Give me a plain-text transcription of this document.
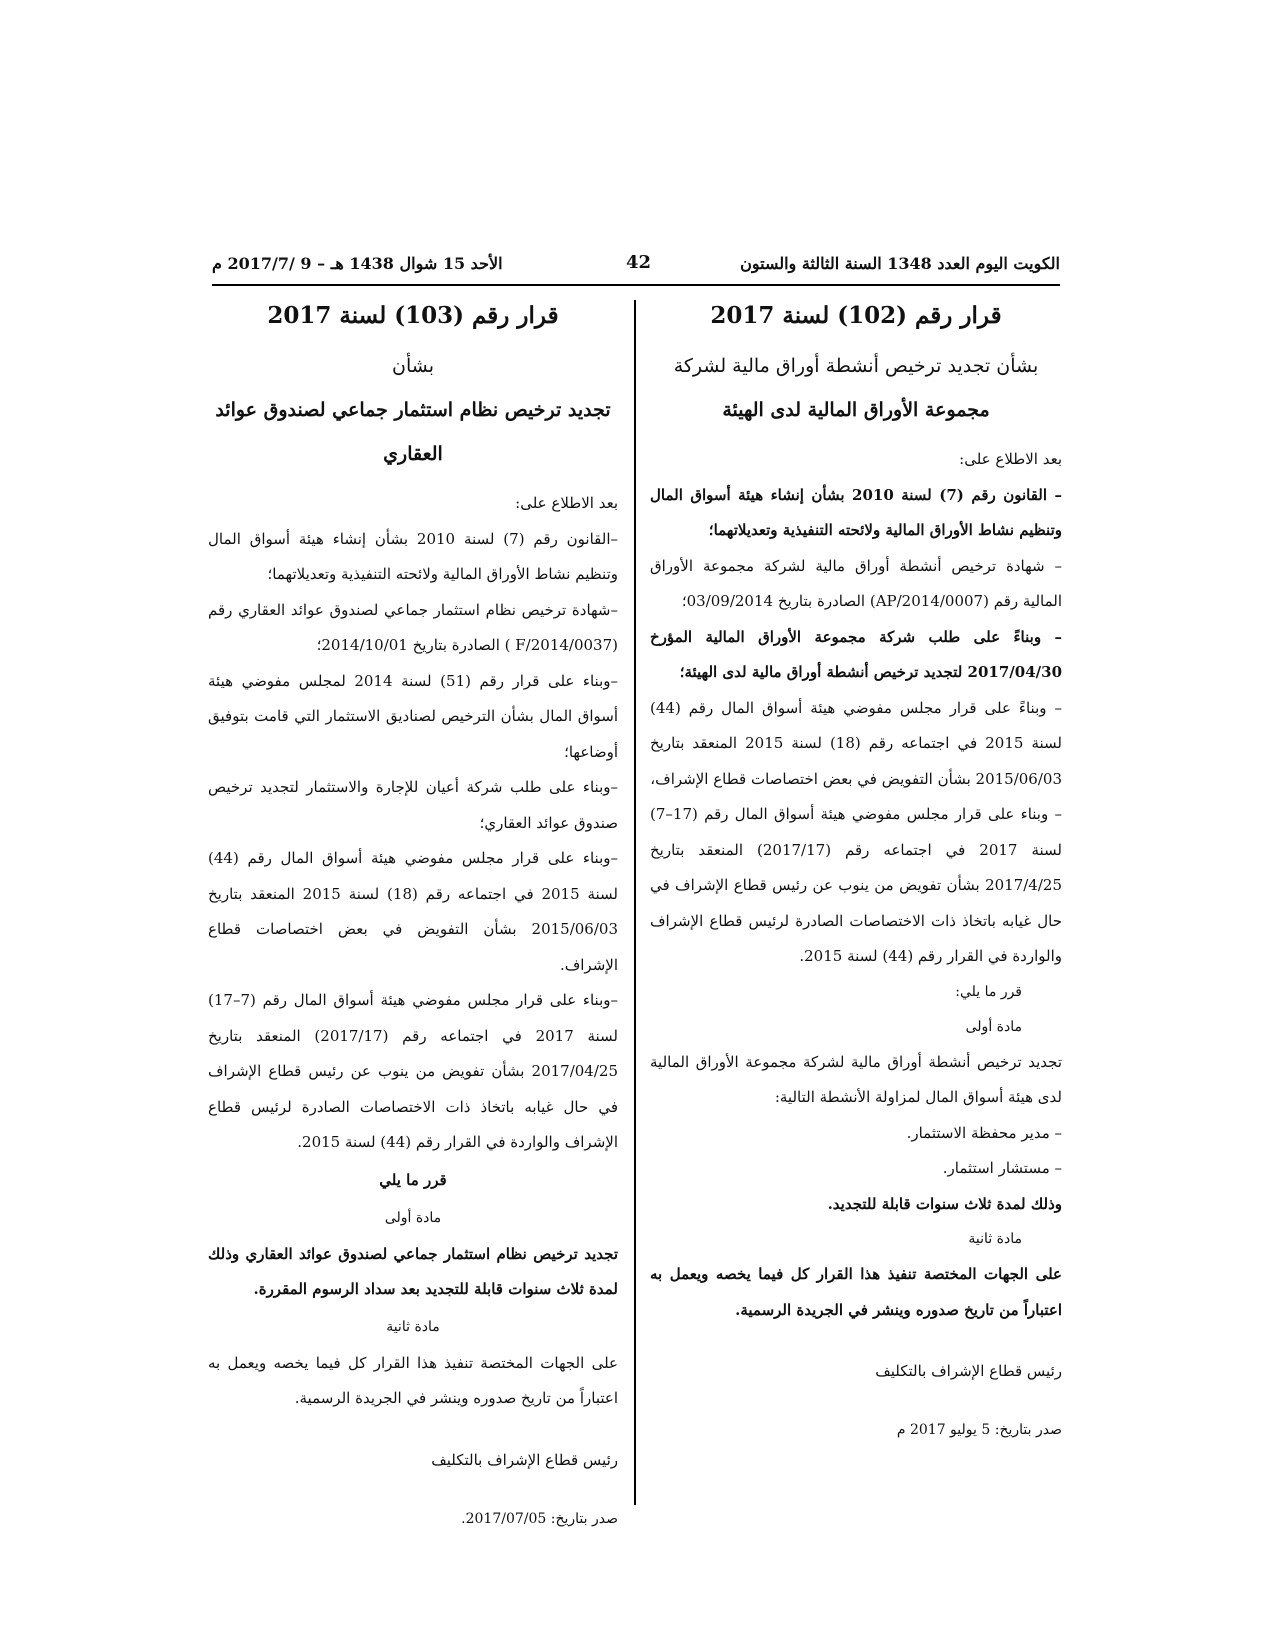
الكويت اليوم العدد 1348 السنة الثالثة والستون
42
الأحد 15 شوال 1438 هـ – 9 /2017/7 م

قرار رقم (102) لسنة 2017

بشأن تجديد ترخيص أنشطة أوراق مالية لشركة

مجموعة الأوراق المالية لدى الهيئة

بعد الاطلاع على:

– القانون رقم (7) لسنة 2010 بشأن إنشاء هيئة أسواق المال وتنظيم نشاط الأوراق المالية ولائحته التنفيذية وتعديلاتهما؛

– شهادة ترخيص أنشطة أوراق مالية لشركة مجموعة الأوراق المالية رقم (AP/2014/0007) الصادرة بتاريخ 03/09/2014؛

– وبناءً على طلب شركة مجموعة الأوراق المالية المؤرخ 2017/04/30 لتجديد ترخيص أنشطة أوراق مالية لدى الهيئة؛

– وبناءً على قرار مجلس مفوضي هيئة أسواق المال رقم (44) لسنة 2015 في اجتماعه رقم (18) لسنة 2015 المنعقد بتاريخ 2015/06/03 بشأن التفويض في بعض اختصاصات قطاع الإشراف،

– وبناء على قرار مجلس مفوضي هيئة أسواق المال رقم (17–7) لسنة 2017 في اجتماعه رقم (2017/17) المنعقد بتاريخ 2017/4/25 بشأن تفويض من ينوب عن رئيس قطاع الإشراف في حال غيابه باتخاذ ذات الاختصاصات الصادرة لرئيس قطاع الإشراف والواردة في القرار رقم (44) لسنة 2015.

قرر ما يلي:

مادة أولى

تجديد ترخيص أنشطة أوراق مالية لشركة مجموعة الأوراق المالية لدى هيئة أسواق المال لمزاولة الأنشطة التالية:

– مدير محفظة الاستثمار.

– مستشار استثمار.

وذلك لمدة ثلاث سنوات قابلة للتجديد.

مادة ثانية

على الجهات المختصة تنفيذ هذا القرار كل فيما يخصه ويعمل به اعتباراً من تاريخ صدوره وينشر في الجريدة الرسمية.

رئيس قطاع الإشراف بالتكليف

صدر بتاريخ: 5 يوليو 2017 م

قرار رقم (103) لسنة 2017

بشأن

تجديد ترخيص نظام استثمار جماعي لصندوق عوائد العقاري

بعد الاطلاع على:

–القانون رقم (7) لسنة 2010 بشأن إنشاء هيئة أسواق المال وتنظيم نشاط الأوراق المالية ولائحته التنفيذية وتعديلاتهما؛

–شهادة ترخيص نظام استثمار جماعي لصندوق عوائد العقاري رقم (F/2014/0037 ) الصادرة بتاريخ 2014/10/01؛

–وبناء على قرار رقم (51) لسنة 2014 لمجلس مفوضي هيئة أسواق المال بشأن الترخيص لصناديق الاستثمار التي قامت بتوفيق أوضاعها؛

–وبناء على طلب شركة أعيان للإجارة والاستثمار لتجديد ترخيص صندوق عوائد العقاري؛

–وبناء على قرار مجلس مفوضي هيئة أسواق المال رقم (44) لسنة 2015 في اجتماعه رقم (18) لسنة 2015 المنعقد بتاريخ 2015/06/03 بشأن التفويض في بعض اختصاصات قطاع الإشراف.

–وبناء على قرار مجلس مفوضي هيئة أسواق المال رقم (7–17) لسنة 2017 في اجتماعه رقم (2017/17) المنعقد بتاريخ 2017/04/25 بشأن تفويض من ينوب عن رئيس قطاع الإشراف في حال غيابه باتخاذ ذات الاختصاصات الصادرة لرئيس قطاع الإشراف والواردة في القرار رقم (44) لسنة 2015.

قرر ما يلي

مادة أولى

تجديد ترخيص نظام استثمار جماعي لصندوق عوائد العقاري وذلك لمدة ثلاث سنوات قابلة للتجديد بعد سداد الرسوم المقررة.

مادة ثانية

على الجهات المختصة تنفيذ هذا القرار كل فيما يخصه ويعمل به اعتباراً من تاريخ صدوره وينشر في الجريدة الرسمية.

رئيس قطاع الإشراف بالتكليف

صدر بتاريخ: 2017/07/05.
